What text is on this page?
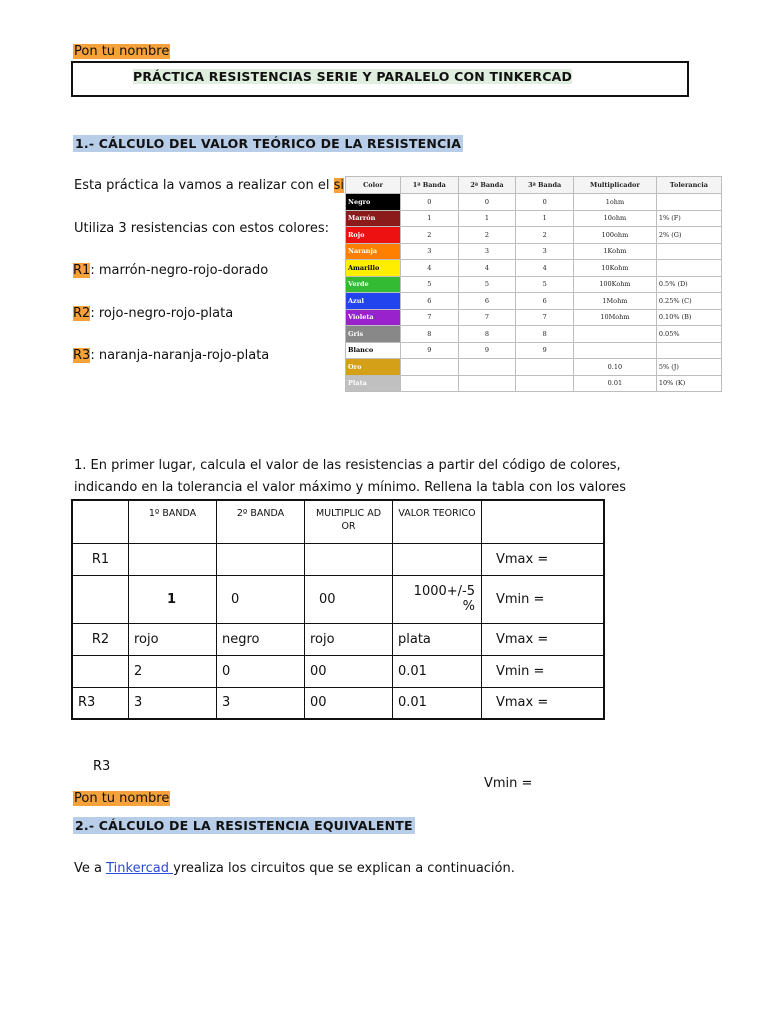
Pon tu nombre
PRÁCTICA RESISTENCIAS SERIE Y PARALELO CON TINKERCAD
1.- CÁLCULO DEL VALOR TEÓRICO DE LA RESISTENCIA
Esta práctica la vamos a realizar con el si
Utiliza 3 resistencias con estos colores:
R1: marrón-negro-rojo-dorado
R2: rojo-negro-rojo-plata
R3: naranja-naranja-rojo-plata
Color	1ª Banda	2ª Banda	3ª Banda	Multiplicador	Tolerancia
Negro	0	0	0	1ohm	
Marrón	1	1	1	10ohm	1% (F)
Rojo	2	2	2	100ohm	2% (G)
Naranja	3	3	3	1Kohm	
Amarillo	4	4	4	10Kohm	
Verde	5	5	5	100Kohm	0.5% (D)
Azul	6	6	6	1Mohm	0.25% (C)
Violeta	7	7	7	10Mohm	0.10% (B)
Gris	8	8	8		0.05%
Blanco	9	9	9		
Oro				0.10	5% (J)
Plata				0.01	10% (K)
1. En primer lugar, calcula el valor de las resistencias a partir del código de colores,
indicando en la tolerancia el valor máximo y mínimo. Rellena la tabla con los valores
	1º BANDA	2º BANDA	MULTIPLIC AD OR	VALOR TEORICO	
R1					Vmax =
	1	0	00	1000+/-5 %	Vmin =
R2	rojo	negro	rojo	plata	Vmax =
	2	0	00	0.01	Vmin =
R3	3	3	00	0.01	Vmax =
R3
Vmin =
Pon tu nombre
2.- CÁLCULO DE LA RESISTENCIA EQUIVALENTE
Ve a Tinkercad yrealiza los circuitos que se explican a continuación.
